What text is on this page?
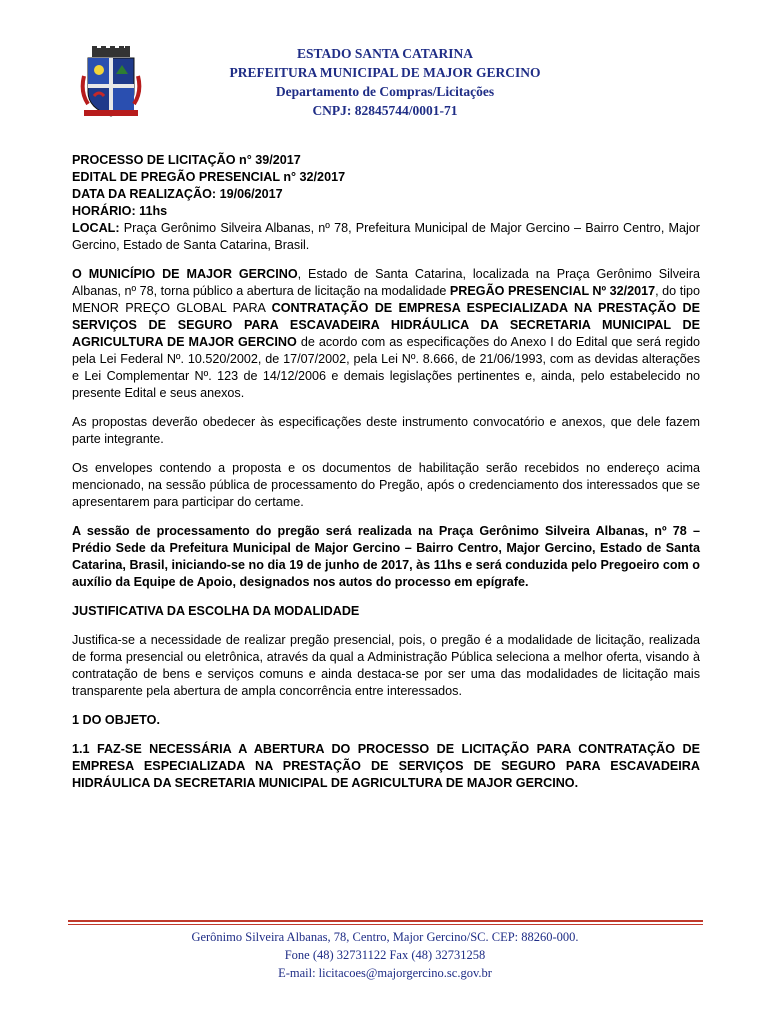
ESTADO SANTA CATARINA
PREFEITURA MUNICIPAL DE MAJOR GERCINO
Departamento de Compras/Licitações
CNPJ: 82845744/0001-71

PROCESSO DE LICITAÇÃO n° 39/2017

EDITAL DE PREGÃO PRESENCIAL n° 32/2017

DATA DA REALIZAÇÃO: 19/06/2017

HORÁRIO: 11hs

LOCAL: Praça Gerônimo Silveira Albanas, nº 78, Prefeitura Municipal de Major Gercino – Bairro Centro, Major Gercino, Estado de Santa Catarina, Brasil.

O MUNICÍPIO DE MAJOR GERCINO, Estado de Santa Catarina, localizada na Praça Gerônimo Silveira Albanas, nº 78, torna público a abertura de licitação na modalidade PREGÃO PRESENCIAL Nº 32/2017, do tipo MENOR PREÇO GLOBAL PARA CONTRATAÇÃO DE EMPRESA ESPECIALIZADA NA PRESTAÇÃO DE SERVIÇOS DE SEGURO PARA ESCAVADEIRA HIDRÁULICA DA SECRETARIA MUNICIPAL DE AGRICULTURA DE MAJOR GERCINO de acordo com as especificações do Anexo I do Edital que será regido pela Lei Federal Nº. 10.520/2002, de 17/07/2002, pela Lei Nº. 8.666, de 21/06/1993, com as devidas alterações e Lei Complementar Nº. 123 de 14/12/2006 e demais legislações pertinentes e, ainda, pelo estabelecido no presente Edital e seus anexos.

As propostas deverão obedecer às especificações deste instrumento convocatório e anexos, que dele fazem parte integrante.

Os envelopes contendo a proposta e os documentos de habilitação serão recebidos no endereço acima mencionado, na sessão pública de processamento do Pregão, após o credenciamento dos interessados que se apresentarem para participar do certame.

A sessão de processamento do pregão será realizada na Praça Gerônimo Silveira Albanas, nº 78 – Prédio Sede da Prefeitura Municipal de Major Gercino – Bairro Centro, Major Gercino, Estado de Santa Catarina, Brasil, iniciando-se no dia 19 de junho de 2017, às 11hs e será conduzida pelo Pregoeiro com o auxílio da Equipe de Apoio, designados nos autos do processo em epígrafe.

JUSTIFICATIVA DA ESCOLHA DA MODALIDADE

Justifica-se a necessidade de realizar pregão presencial, pois, o pregão é a modalidade de licitação, realizada de forma presencial ou eletrônica, através da qual a Administração Pública seleciona a melhor oferta, visando à contratação de bens e serviços comuns e ainda destaca-se por ser uma das modalidades de licitação mais transparente pela abertura de ampla concorrência entre interessados.

1 DO OBJETO.

1.1 FAZ-SE NECESSÁRIA A ABERTURA DO PROCESSO DE LICITAÇÃO PARA CONTRATAÇÃO DE EMPRESA ESPECIALIZADA NA PRESTAÇÃO DE SERVIÇOS DE SEGURO PARA ESCAVADEIRA HIDRÁULICA DA SECRETARIA MUNICIPAL DE AGRICULTURA DE MAJOR GERCINO.

Gerônimo Silveira Albanas, 78, Centro, Major Gercino/SC. CEP: 88260-000.
Fone (48) 32731122 Fax (48) 32731258
E-mail: licitacoes@majorgercino.sc.gov.br
